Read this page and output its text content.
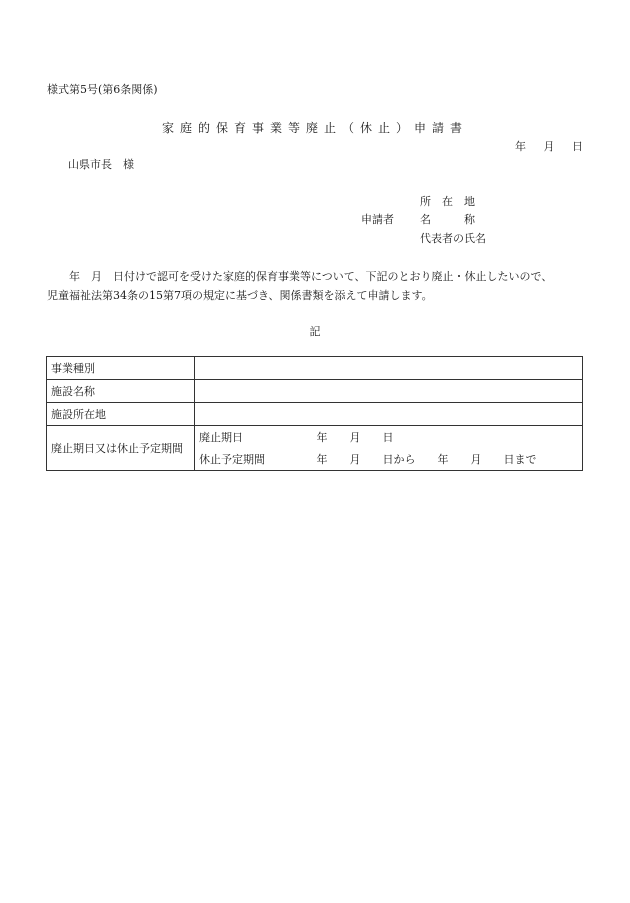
様式第5号(第6条関係)
家庭的保育事業等廃止（休止）申請書
年 月 日
山県市長　様
所　在　地
申請者 名　　　称
代表者の氏名

年　月　日付けで認可を受けた家庭的保育事業等について、下記のとおり廃止・休止したいので、

児童福祉法第34条の15第7項の規定に基づき、関係書類を添えて申請します。

記
事業種別		
施設名称		
施設所在地		
廃止期日又は休止予定期間	廃止期日	年　　月　　日
	休止予定期間	年　　月　　日から　　年　　月　　日まで
